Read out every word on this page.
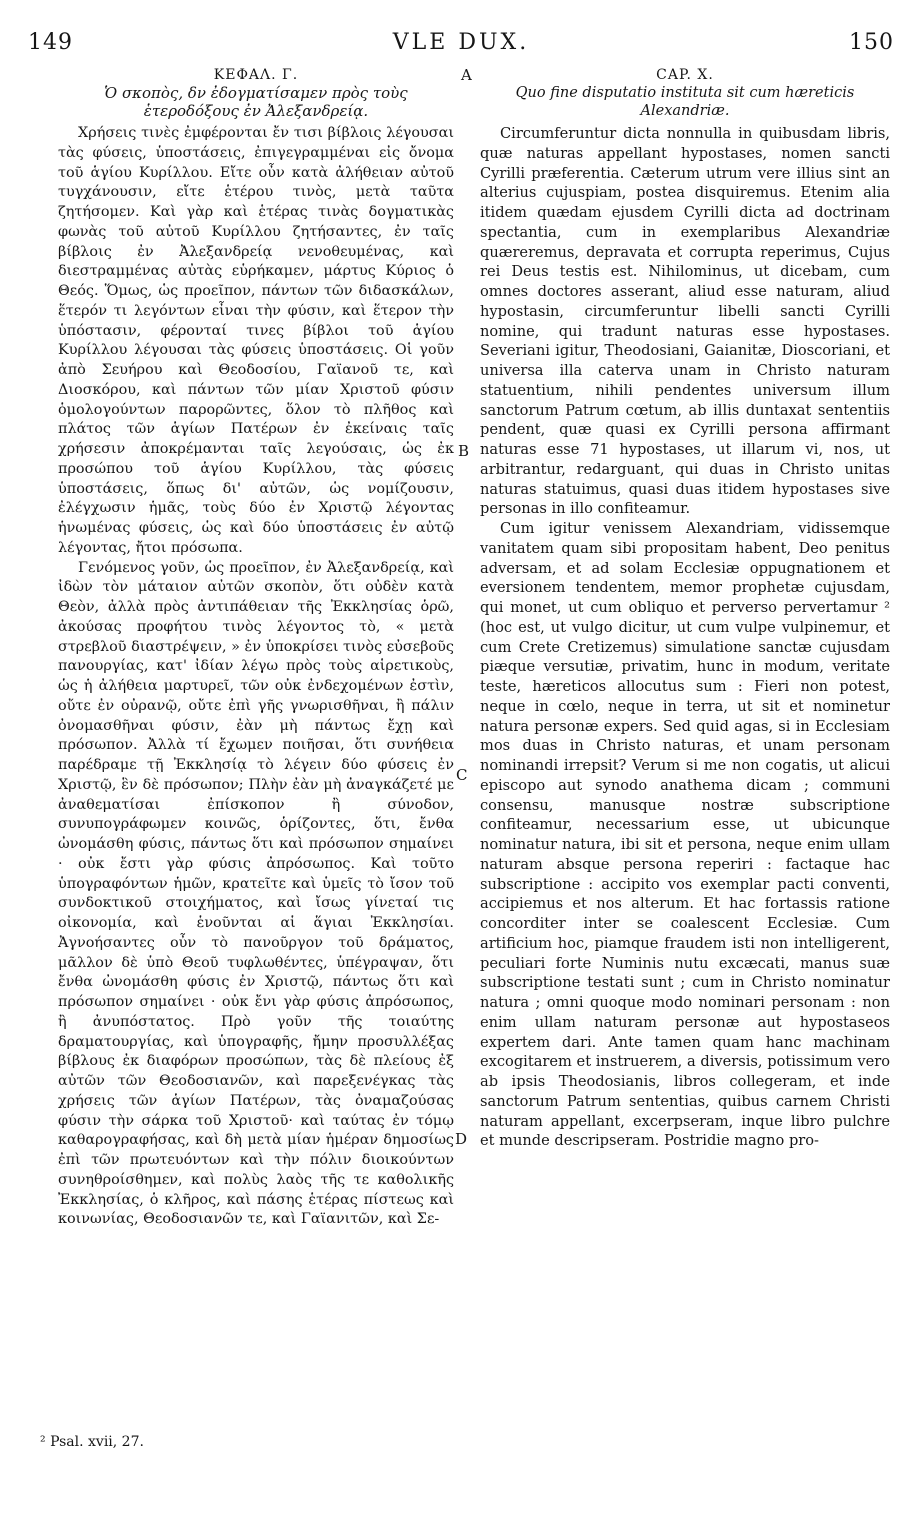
149	VLE DUX.	150
ΚΕΦΑΛ. Γ.
Ὁ σκοπὸς, δν ἐδογματίσαμεν πρὸς τοὺς ἑτεροδόξους ἐν Ἀλεξανδρείᾳ.

Χρήσεις τινὲς ἐμφέρονται ἔν τισι βίβλοις λέγουσαι τὰς φύσεις, ὑποστάσεις, ἐπιγεγραμμέναι εἰς ὄνομα τοῦ ἁγίου Κυρίλλου. Εἴτε οὖν κατὰ ἀλήθειαν αὐτοῦ τυγχάνουσιν, εἴτε ἑτέρου τινὸς, μετὰ ταῦτα ζητήσομεν. Καὶ γὰρ καὶ ἑτέρας τινὰς δογματικὰς φωνὰς τοῦ αὐτοῦ Κυρίλλου ζητήσαντες, ἐν ταῖς βίβλοις ἐν Ἀλεξανδρείᾳ νενοθευμένας, καὶ διεστραμμένας αὐτὰς εὑρήκαμεν, μάρτυς Κύριος ὁ Θεός. Ὅμως, ὡς προεῖπον, πάντων τῶν διδασκάλων, ἕτερόν τι λεγόντων εἶναι τὴν φύσιν, καὶ ἕτερον τὴν ὑπόστασιν, φέρονταί τινες βίβλοι τοῦ ἁγίου Κυρίλλου λέγουσαι τὰς φύσεις ὑποστάσεις. Οἱ γοῦν ἀπὸ Σευήρου καὶ Θεοδοσίου, Γαϊανοῦ τε, καὶ Διοσκόρου, καὶ πάντων τῶν μίαν Χριστοῦ φύσιν ὁμολογούντων παρορῶντες, ὅλον τὸ πλῆθος καὶ πλάτος τῶν ἁγίων Πατέρων ἐν ἐκείναις ταῖς χρήσεσιν ἀποκρέμανται ταῖς λεγούσαις, ὡς ἐκ προσώπου τοῦ ἁγίου Κυρίλλου, τὰς φύσεις ὑποστάσεις, ὅπως δι' αὐτῶν, ὡς νομίζουσιν, ἐλέγχωσιν ἡμᾶς, τοὺς δύο ἐν Χριστῷ λέγοντας ἡνωμένας φύσεις, ὡς καὶ δύο ὑποστάσεις ἐν αὐτῷ λέγοντας, ἤτοι πρόσωπα.

Γενόμενος γοῦν, ὡς προεῖπον, ἐν Ἀλεξανδρείᾳ, καὶ ἰδὼν τὸν μάταιον αὐτῶν σκοπὸν, ὅτι οὐδὲν κατὰ Θεὸν, ἀλλὰ πρὸς ἀντιπάθειαν τῆς Ἐκκλησίας ὁρῶ, ἀκούσας προφήτου τινὸς λέγοντος τὸ, « μετὰ στρεβλοῦ διαστρέψειν, » ἐν ὑποκρίσει τινὸς εὐσεβοῦς πανουργίας, κατ' ἰδίαν λέγω πρὸς τοὺς αἱρετικοὺς, ὡς ἡ ἀλήθεια μαρτυρεῖ, τῶν οὐκ ἐνδεχομένων ἐστὶν, οὔτε ἐν οὐρανῷ, οὔτε ἐπὶ γῆς γνωρισθῆναι, ἢ πάλιν ὀνομασθῆναι φύσιν, ἐὰν μὴ πάντως ἔχῃ καὶ πρόσωπον. Ἀλλὰ τί ἔχωμεν ποιῆσαι, ὅτι συνήθεια παρέδραμε τῇ Ἐκκλησίᾳ τὸ λέγειν δύο φύσεις ἐν Χριστῷ, ἓν δὲ πρόσωπον; Πλὴν ἐὰν μὴ ἀναγκάζετέ με ἀναθεματίσαι ἐπίσκοπον ἢ σύνοδον, συνυπογράφωμεν κοινῶς, ὁρίζοντες, ὅτι, ἔνθα ὠνομάσθη φύσις, πάντως ὅτι καὶ πρόσωπον σημαίνει · οὐκ ἔστι γὰρ φύσις ἀπρόσωπος. Καὶ τοῦτο ὑπογραφόντων ἡμῶν, κρατεῖτε καὶ ὑμεῖς τὸ ἴσον τοῦ συνδοκτικοῦ στοιχήματος, καὶ ἴσως γίνεταί τις οἰκονομία, καὶ ἑνοῦνται αἱ ἅγιαι Ἐκκλησίαι. Ἀγνοήσαντες οὖν τὸ πανοῦργον τοῦ δράματος, μᾶλλον δὲ ὑπὸ Θεοῦ τυφλωθέντες, ὑπέγραψαν, ὅτι ἔνθα ὠνομάσθη φύσις ἐν Χριστῷ, πάντως ὅτι καὶ πρόσωπον σημαίνει · οὐκ ἔνι γὰρ φύσις ἀπρόσωπος, ἢ ἀνυπόστατος. Πρὸ γοῦν τῆς τοιαύτης δραματουργίας, καὶ ὑπογραφῆς, ἤμην προσυλλέξας βίβλους ἐκ διαφόρων προσώπων, τὰς δὲ πλείους ἐξ αὐτῶν τῶν Θεοδοσιανῶν, καὶ παρεξενέγκας τὰς χρήσεις τῶν ἁγίων Πατέρων, τὰς ὀναμαζούσας φύσιν τὴν σάρκα τοῦ Χριστοῦ· καὶ ταύτας ἐν τόμῳ καθαρογραφήσας, καὶ δὴ μετὰ μίαν ἡμέραν δημοσίως ἐπὶ τῶν πρωτευόντων καὶ τὴν πόλιν διοικούντων συνηθροίσθημεν, καὶ πολὺς λαὸς τῆς τε καθολικῆς Ἐκκλησίας, ὁ κλῆρος, καὶ πάσης ἑτέρας πίστεως καὶ κοινωνίας, Θεοδοσιανῶν τε, καὶ Γαϊανιτῶν, καὶ Σε-

CAP. X.
Quo fine disputatio instituta sit cum hæreticis Alexandriæ.

Circumferuntur dicta nonnulla in quibusdam libris, quæ naturas appellant hypostases, nomen sancti Cyrilli præferentia. Cæterum utrum vere illius sint an alterius cujuspiam, postea disquiremus. Etenim alia itidem quædam ejusdem Cyrilli dicta ad doctrinam spectantia, cum in exemplaribus Alexandriæ quæreremus, depravata et corrupta reperimus, Cujus rei Deus testis est. Nihilominus, ut dicebam, cum omnes doctores asserant, aliud esse naturam, aliud hypostasin, circumferuntur libelli sancti Cyrilli nomine, qui tradunt naturas esse hypostases. Severiani igitur, Theodosiani, Gaianitæ, Dioscoriani, et universa illa caterva unam in Christo naturam statuentium, nihili pendentes universum illum sanctorum Patrum cœtum, ab illis duntaxat sententiis pendent, quæ quasi ex Cyrilli persona affirmant naturas esse 71 hypostases, ut illarum vi, nos, ut arbitrantur, redarguant, qui duas in Christo unitas naturas statuimus, quasi duas itidem hypostases sive personas in illo confiteamur.

Cum igitur venissem Alexandriam, vidissemque vanitatem quam sibi propositam habent, Deo penitus adversam, et ad solam Ecclesiæ oppugnationem et eversionem tendentem, memor prophetæ cujusdam, qui monet, ut cum obliquo et perverso pervertamur ² (hoc est, ut vulgo dicitur, ut cum vulpe vulpinemur, et cum Crete Cretizemus) simulatione sanctæ cujusdam piæque versutiæ, privatim, hunc in modum, veritate teste, hæreticos allocutus sum : Fieri non potest, neque in cœlo, neque in terra, ut sit et nominetur natura personæ expers. Sed quid agas, si in Ecclesiam mos duas in Christo naturas, et unam personam nominandi irrepsit? Verum si me non cogatis, ut alicui episcopo aut synodo anathema dicam ; communi consensu, manusque nostræ subscriptione confiteamur, necessarium esse, ut ubicunque nominatur natura, ibi sit et persona, neque enim ullam naturam absque persona reperiri : factaque hac subscriptione : accipito vos exemplar pacti conventi, accipiemus et nos alterum. Et hac fortassis ratione concorditer inter se coalescent Ecclesiæ. Cum artificium hoc, piamque fraudem isti non intelligerent, peculiari forte Numinis nutu excæcati, manus suæ subscriptione testati sunt ; cum in Christo nominatur natura ; omni quoque modo nominari personam : non enim ullam naturam personæ aut hypostaseos expertem dari. Ante tamen quam hanc machinam excogitarem et instruerem, a diversis, potissimum vero ab ipsis Theodosianis, libros collegeram, et inde sanctorum Patrum sententias, quibus carnem Christi naturam appellant, excerpseram, inque libro pulchre et munde descripseram. Postridie magno pro-

A
B
C
D
² Psal. xvii, 27.
